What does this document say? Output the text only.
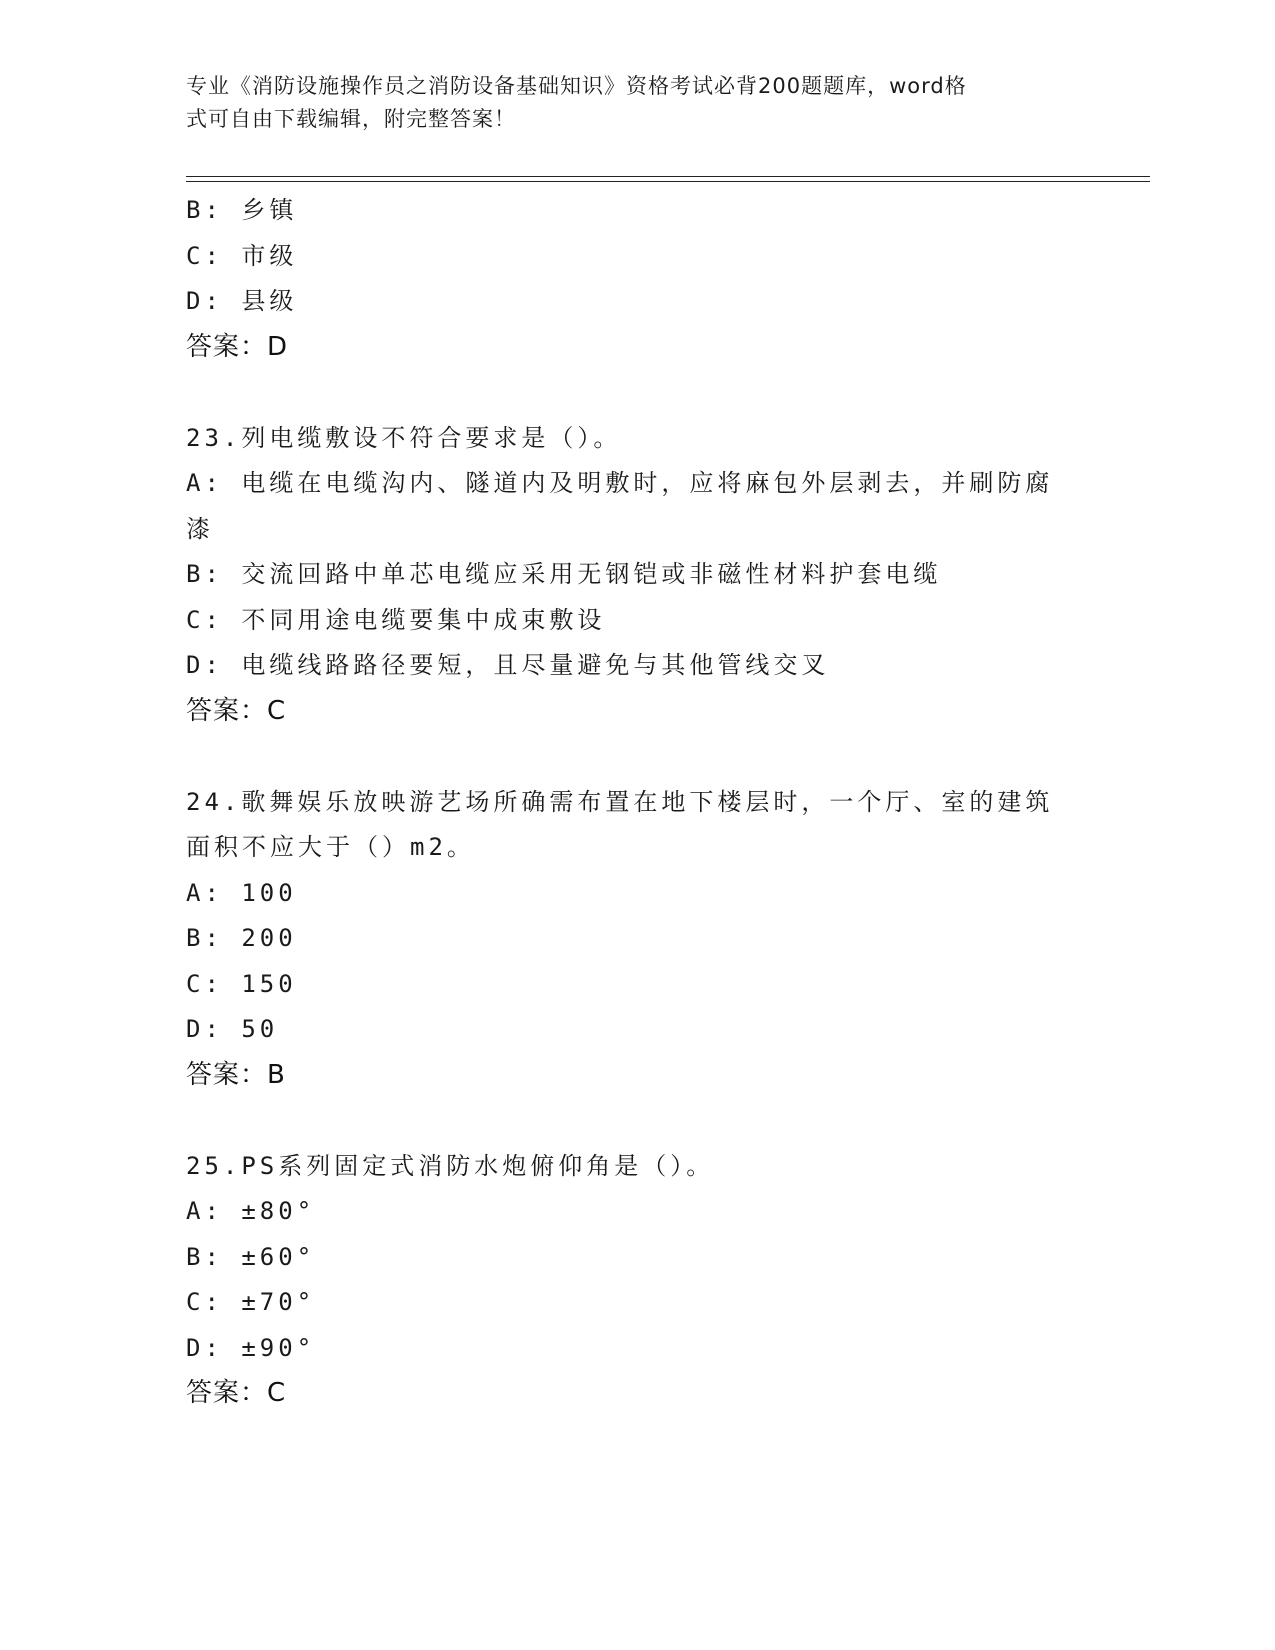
专业《消防设施操作员之消防设备基础知识》资格考试必背200题题库，word格
式可自由下载编辑，附完整答案！
B: 乡镇
C: 市级
D: 县级
答案：D
23.列电缆敷设不符合要求是（）。
A: 电缆在电缆沟内、隧道内及明敷时，应将麻包外层剥去，并刷防腐
漆
B: 交流回路中单芯电缆应采用无钢铠或非磁性材料护套电缆
C: 不同用途电缆要集中成束敷设
D: 电缆线路路径要短，且尽量避免与其他管线交叉
答案：C
24.歌舞娱乐放映游艺场所确需布置在地下楼层时，一个厅、室的建筑
面积不应大于（）m2。
A: 100
B: 200
C: 150
D: 50
答案：B
25.PS系列固定式消防水炮俯仰角是（）。
A: ±80°
B: ±60°
C: ±70°
D: ±90°
答案：C
